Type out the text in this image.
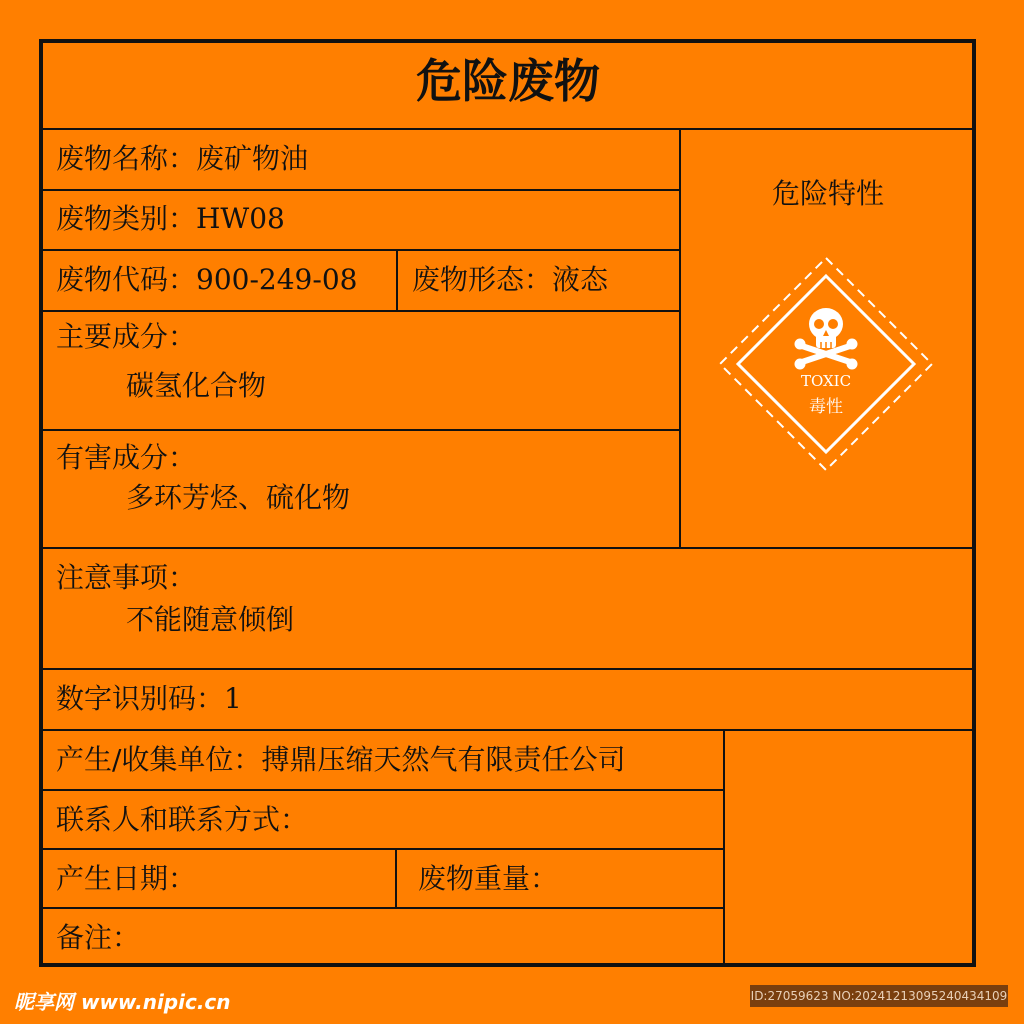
危险废物
废物名称：废矿物油
废物类别：HW08
废物代码：900-249-08 废物形态：液态
主要成分：
碳氢化合物
有害成分：
多环芳烃、硫化物
危险特性
TOXIC
毒性
注意事项：
不能随意倾倒
数字识别码：1
产生/收集单位：搏鼎压缩天然气有限责任公司
联系人和联系方式：
产生日期：	废物重量：
备注：
昵享网 www.nipic.cn	ID:27059623 NO:20241213095240434109
